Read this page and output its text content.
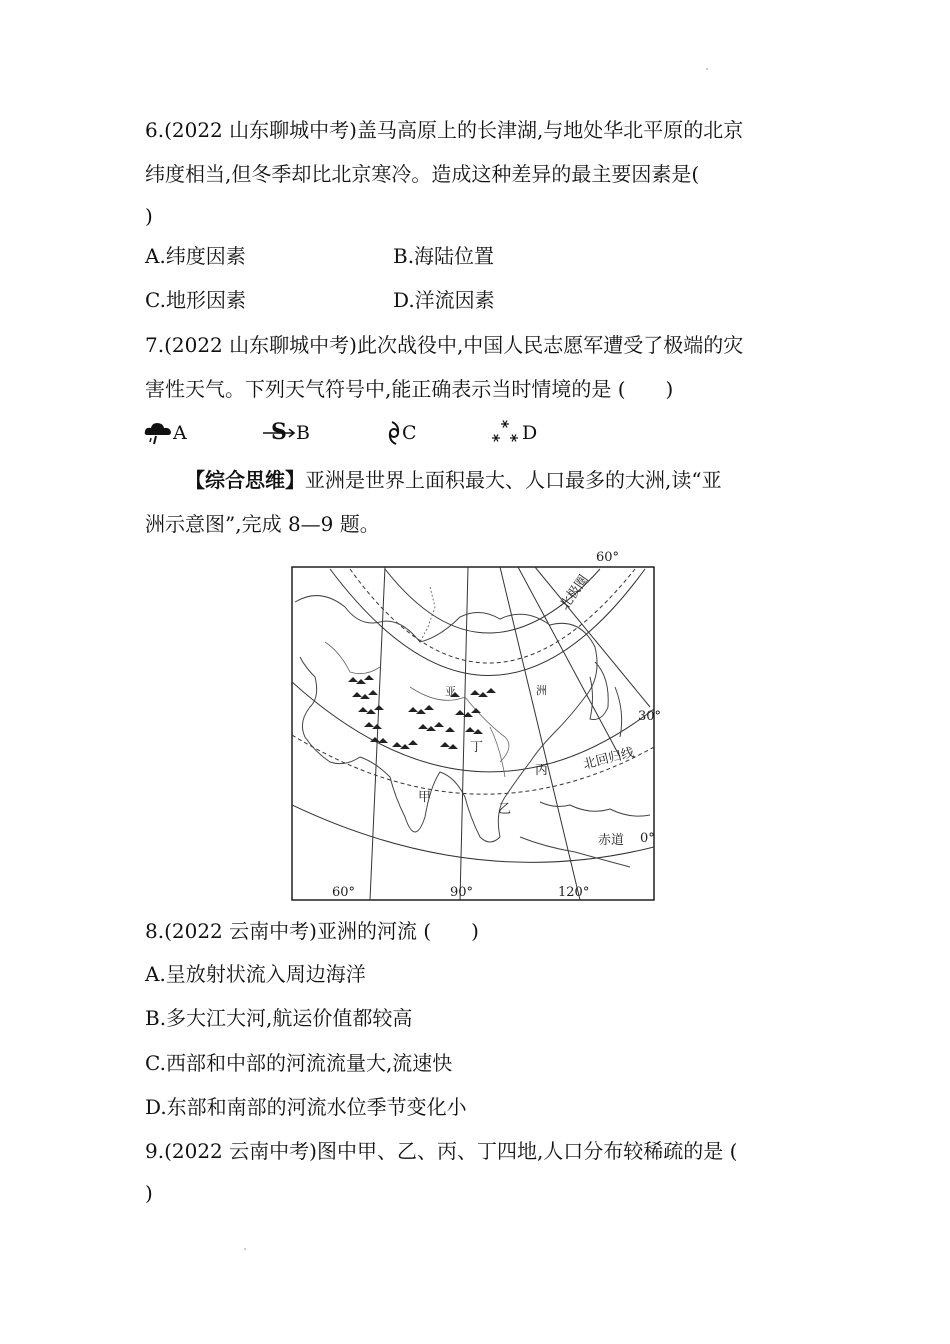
6.(2022 山东聊城中考)盖马高原上的长津湖,与地处华北平原的北京
纬度相当,但冬季却比北京寒冷。造成这种差异的最主要因素是(
)
A.纬度因素	B.海陆位置
C.地形因素	D.洋流因素
7.(2022 山东聊城中考)此次战役中,中国人民志愿军遭受了极端的灾
害性天气。下列天气符号中,能正确表示当时情境的是 (　　)
A	S B	C	D
【综合思维】亚洲是世界上面积最大、人口最多的大洲,读“亚
洲示意图”,完成 8—9 题。
60°
北极圈
30°
北回归线
赤道 0°
60°	90°	120°
亚	洲
甲
乙
丙
丁
8.(2022 云南中考)亚洲的河流 (　　)
A.呈放射状流入周边海洋
B.多大江大河,航运价值都较高
C.西部和中部的河流流量大,流速快
D.东部和南部的河流水位季节变化小
9.(2022 云南中考)图中甲、乙、丙、丁四地,人口分布较稀疏的是 (
)
